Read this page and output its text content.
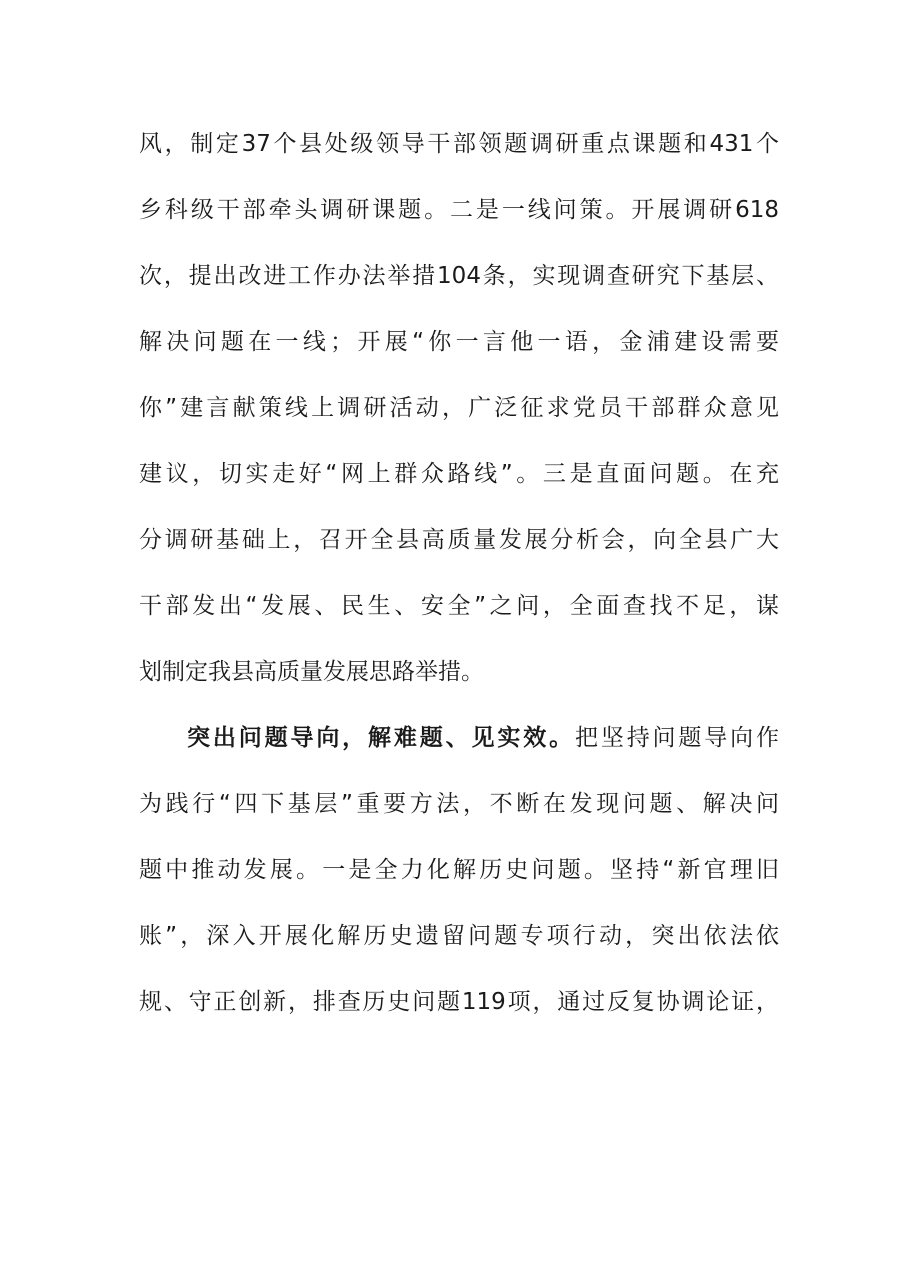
风，制定37个县处级领导干部领题调研重点课题和431个
乡科级干部牵头调研课题。二是一线问策。开展调研618
次，提出改进工作办法举措104条，实现调查研究下基层、
解决问题在一线；开展“你一言他一语，金浦建设需要
你”建言献策线上调研活动，广泛征求党员干部群众意见
建议，切实走好“网上群众路线”。三是直面问题。在充
分调研基础上，召开全县高质量发展分析会，向全县广大
干部发出“发展、民生、安全”之问，全面查找不足，谋
划制定我县高质量发展思路举措。
突出问题导向，解难题、见实效。把坚持问题导向作
为践行“四下基层”重要方法，不断在发现问题、解决问
题中推动发展。一是全力化解历史问题。坚持“新官理旧
账”，深入开展化解历史遗留问题专项行动，突出依法依
规、守正创新，排查历史问题119项，通过反复协调论证，
